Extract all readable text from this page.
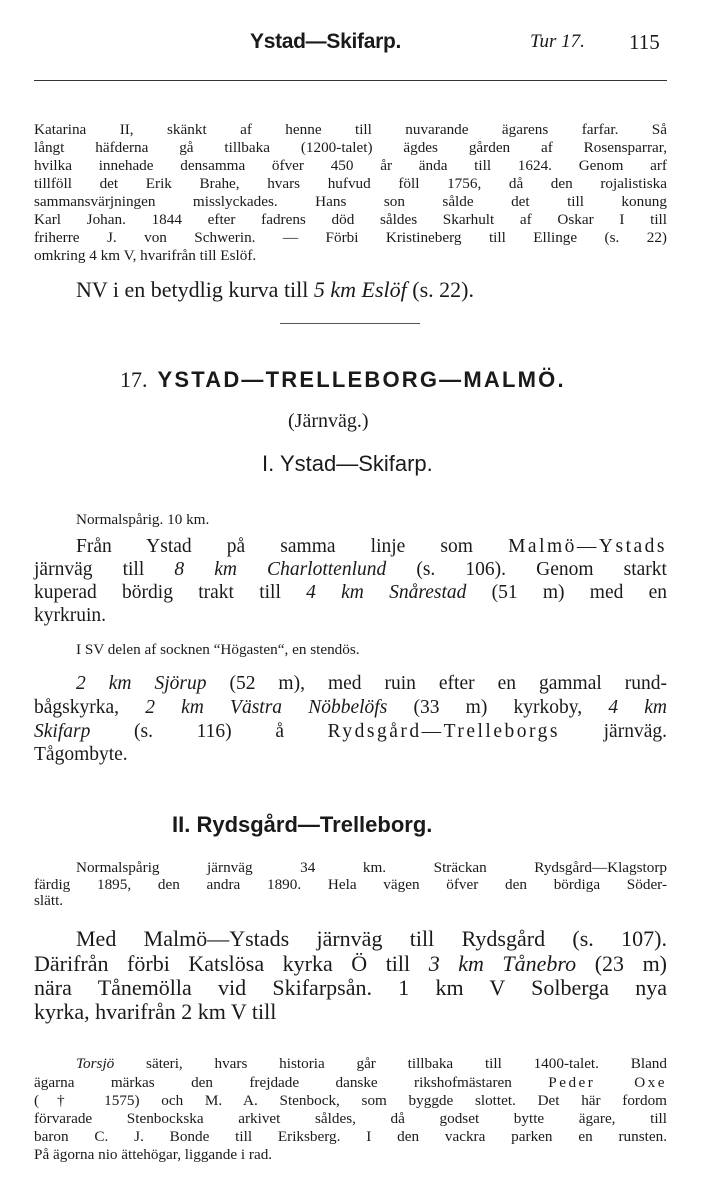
Ystad—Skifarp.	Tur 17. 115
Katarina II, skänkt af henne till nuvarande ägarens farfar. Så
långt häfderna gå tillbaka (1200-talet) ägdes gården af Rosensparrar,
hvilka innehade densamma öfver 450 år ända till 1624. Genom arf
tillföll det Erik Brahe, hvars hufvud föll 1756, då den rojalistiska
sammansvärjningen misslyckades. Hans son sålde det till konung
Karl Johan. 1844 efter fadrens död såldes Skarhult af Oskar I till
friherre J. von Schwerin. — Förbi Kristineberg till Ellinge (s. 22)
omkring 4 km V, hvarifrån till Eslöf.
NV i en betydlig kurva till 5 km Eslöf (s. 22).
Normalspårig. 10 km.
Från Ystad på samma linje som Malmö—Ystads
järnväg till 8 km Charlottenlund (s. 106). Genom starkt
kuperad bördig trakt till 4 km Snårestad (51 m) med en
kyrkruin.
I SV delen af socknen “Högasten“, en stendös.
2 km Sjörup (52 m), med ruin efter en gammal rund-
bågskyrka, 2 km Västra Nöbbelöfs (33 m) kyrkoby, 4 km
Skifarp (s. 116) å Rydsgård—Trelleborgs järnväg.
Tågombyte.
Normalspårig järnväg 34 km. Sträckan Rydsgård—Klagstorp
färdig 1895, den andra 1890. Hela vägen öfver den bördiga Söder-
slätt.
Med Malmö—Ystads järnväg till Rydsgård (s. 107).
Därifrån förbi Katslösa kyrka Ö till 3 km Tånebro (23 m)
nära Tånemölla vid Skifarpsån. 1 km V Solberga nya
kyrka, hvarifrån 2 km V till
Torsjö säteri, hvars historia går tillbaka till 1400-talet. Bland
ägarna märkas den frejdade danske rikshofmästaren Peder Oxe
(† 1575) och M. A. Stenbock, som byggde slottet. Det här fordom
förvarade Stenbockska arkivet såldes, då godset bytte ägare, till
baron C. J. Bonde till Eriksberg. I den vackra parken en runsten.
På ägorna nio ättehögar, liggande i rad.
17. YSTAD—TRELLEBORG—MALMÖ.
(Järnväg.)
I. Ystad—Skifarp.
II. Rydsgård—Trelleborg.
